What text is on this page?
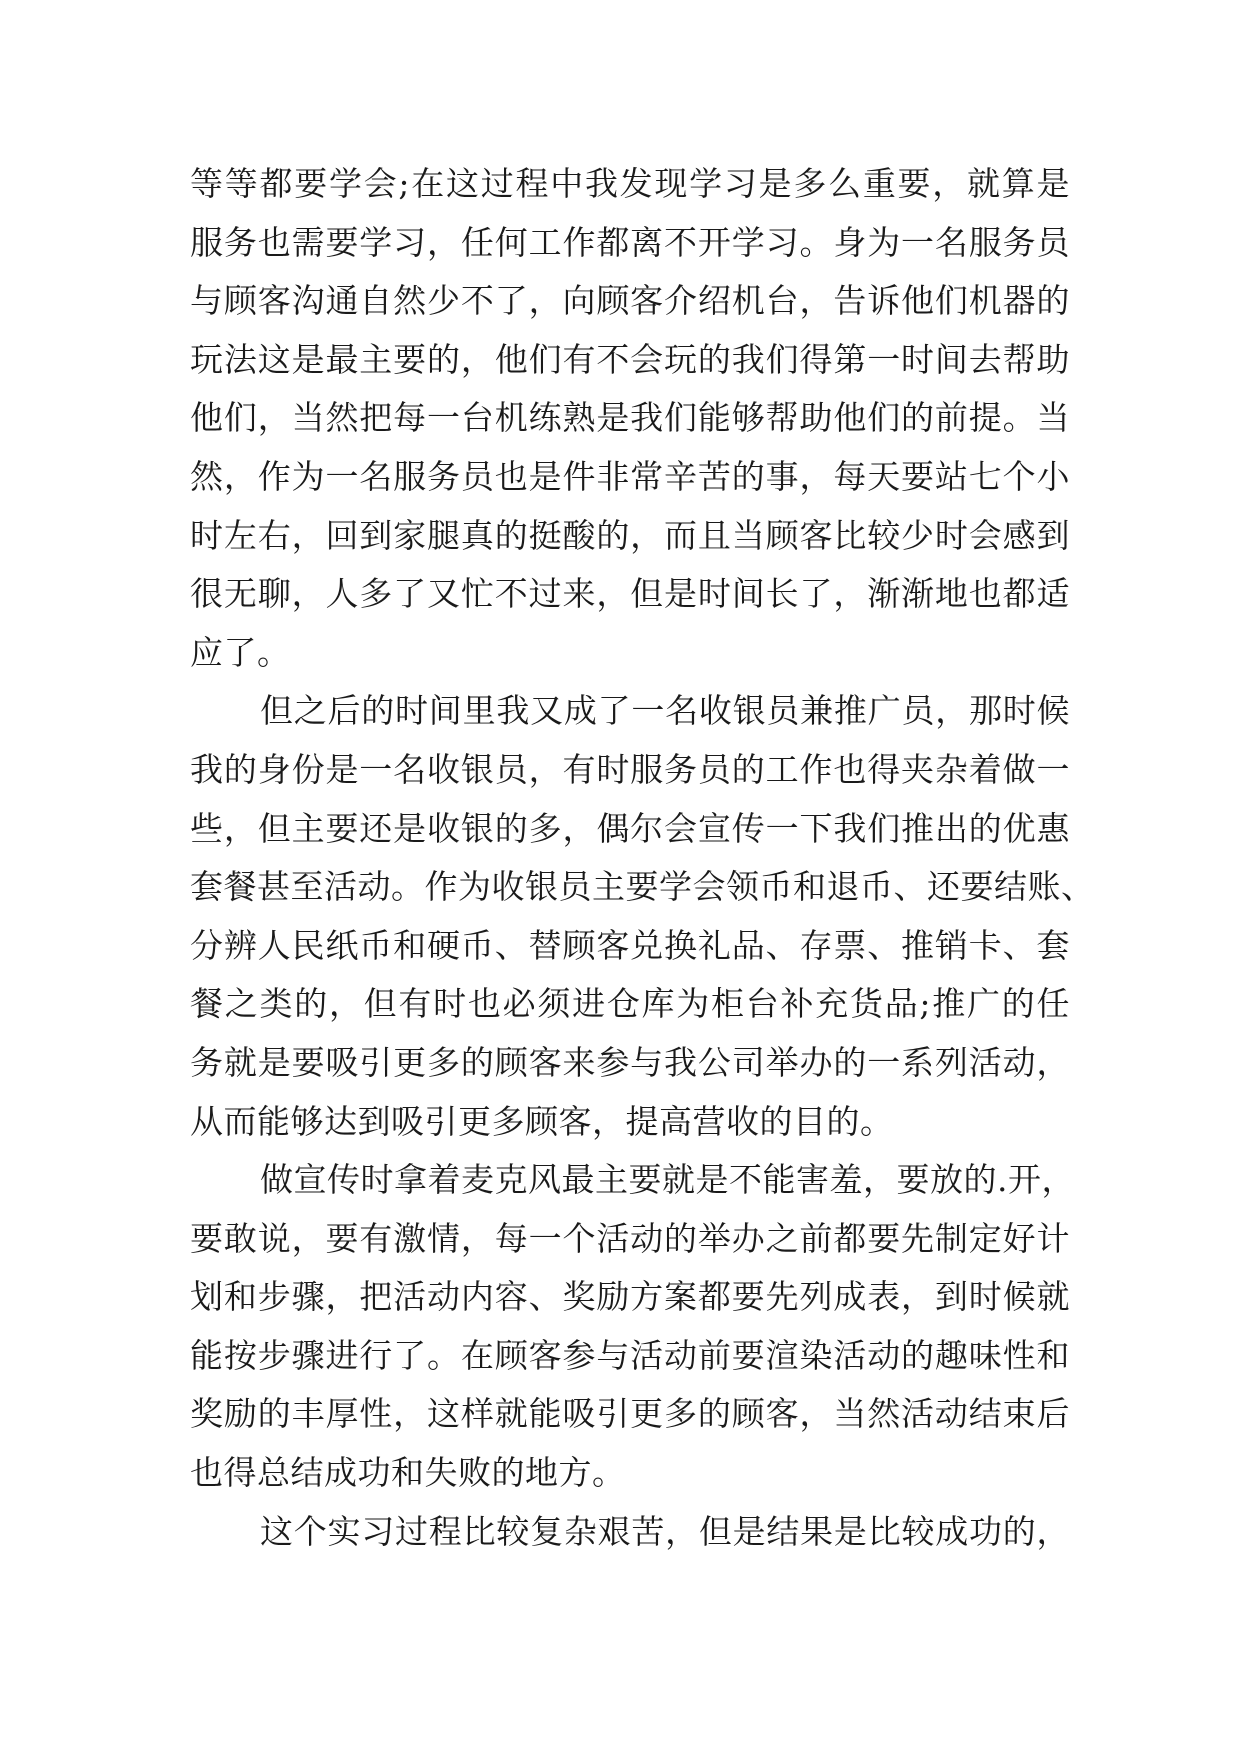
等等都要学会;在这过程中我发现学习是多么重要，就算是
服务也需要学习，任何工作都离不开学习。身为一名服务员
与顾客沟通自然少不了，向顾客介绍机台，告诉他们机器的
玩法这是最主要的，他们有不会玩的我们得第一时间去帮助
他们，当然把每一台机练熟是我们能够帮助他们的前提。当
然，作为一名服务员也是件非常辛苦的事，每天要站七个小
时左右，回到家腿真的挺酸的，而且当顾客比较少时会感到
很无聊，人多了又忙不过来，但是时间长了，渐渐地也都适
应了。
但之后的时间里我又成了一名收银员兼推广员，那时候
我的身份是一名收银员，有时服务员的工作也得夹杂着做一
些，但主要还是收银的多，偶尔会宣传一下我们推出的优惠
套餐甚至活动。作为收银员主要学会领币和退币、还要结账、
分辨人民纸币和硬币、替顾客兑换礼品、存票、推销卡、套
餐之类的，但有时也必须进仓库为柜台补充货品;推广的任
务就是要吸引更多的顾客来参与我公司举办的一系列活动，
从而能够达到吸引更多顾客，提高营收的目的。
做宣传时拿着麦克风最主要就是不能害羞，要放的.开，
要敢说，要有激情，每一个活动的举办之前都要先制定好计
划和步骤，把活动内容、奖励方案都要先列成表，到时候就
能按步骤进行了。在顾客参与活动前要渲染活动的趣味性和
奖励的丰厚性，这样就能吸引更多的顾客，当然活动结束后
也得总结成功和失败的地方。
这个实习过程比较复杂艰苦，但是结果是比较成功的，
